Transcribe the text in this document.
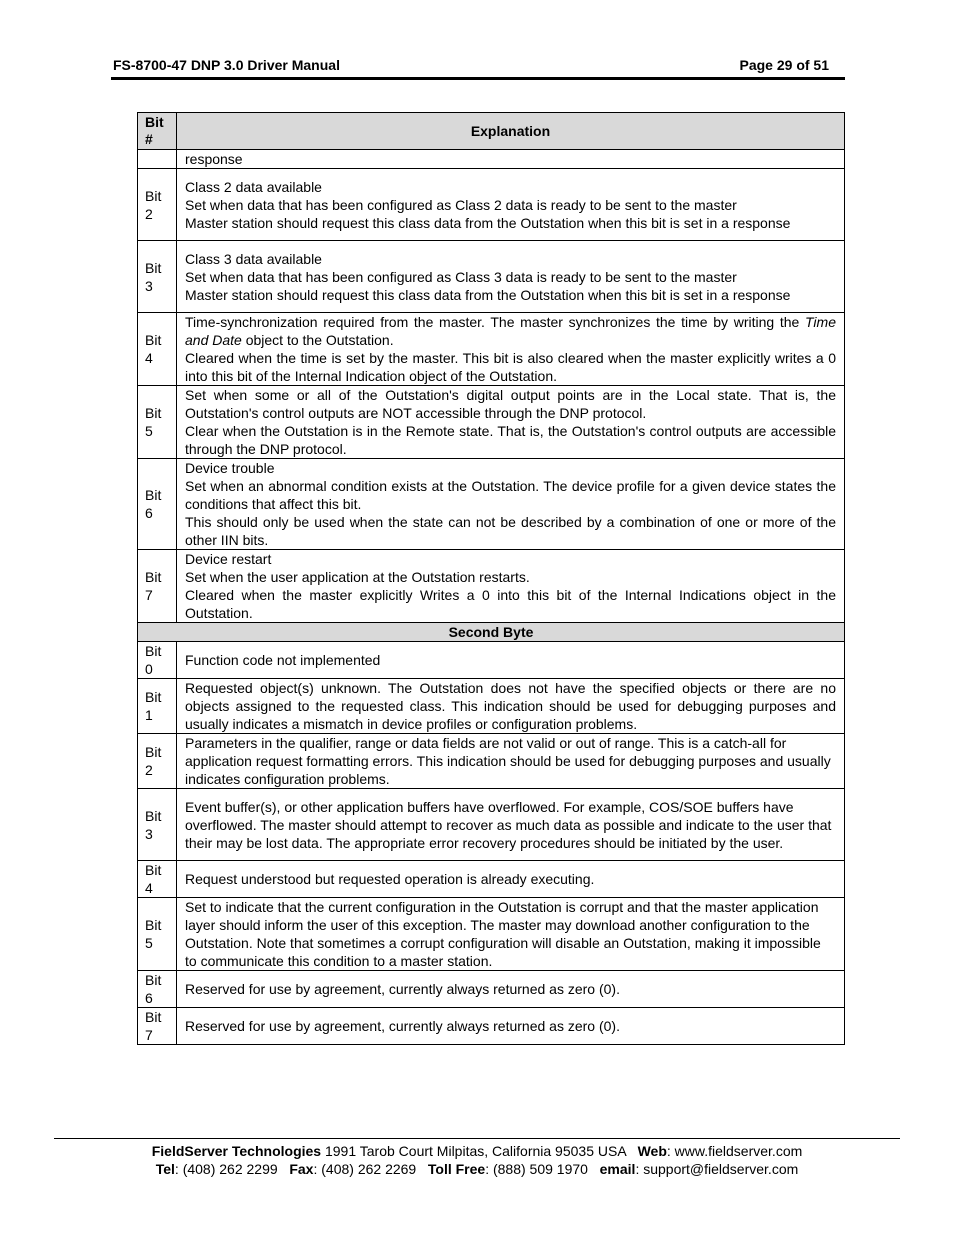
FS-8700-47 DNP 3.0 Driver Manual	Page 29 of 51
Bit #	Explanation
	response
Bit 2	Class 2 data available
Set when data that has been configured as Class 2 data is ready to be sent to the master
Master station should request this class data from the Outstation when this bit is set in a response

Bit 3	Class 3 data available
Set when data that has been configured as Class 3 data is ready to be sent to the master
Master station should request this class data from the Outstation when this bit is set in a response

Bit 4	Time-synchronization required from the master. The master synchronizes the time by writing the Time and Date object to the Outstation.
Cleared when the time is set by the master. This bit is also cleared when the master explicitly writes a 0 into this bit of the Internal Indication object of the Outstation.

Bit 5	Set when some or all of the Outstation's digital output points are in the Local state. That is, the Outstation's control outputs are NOT accessible through the DNP protocol.
Clear when the Outstation is in the Remote state. That is, the Outstation's control outputs are accessible through the DNP protocol.

Bit 6	Device trouble
Set when an abnormal condition exists at the Outstation. The device profile for a given device states the conditions that affect this bit.
This should only be used when the state can not be described by a combination of one or more of the other IIN bits.

Bit 7	Device restart
Set when the user application at the Outstation restarts.
Cleared when the master explicitly Writes a 0 into this bit of the Internal Indications object in the Outstation.

Second Byte	
Bit 0	Function code not implemented
Bit 1	Requested object(s) unknown. The Outstation does not have the specified objects or there are no objects assigned to the requested class. This indication should be used for debugging purposes and usually indicates a mismatch in device profiles or configuration problems.
Bit 2	Parameters in the qualifier, range or data fields are not valid or out of range. This is a catch-all for application request formatting errors. This indication should be used for debugging purposes and usually indicates configuration problems.
Bit 3	Event buffer(s), or other application buffers have overflowed. For example, COS/SOE buffers have overflowed. The master should attempt to recover as much data as possible and indicate to the user that their may be lost data. The appropriate error recovery procedures should be initiated by the user.
Bit 4	Request understood but requested operation is already executing.
Bit 5	Set to indicate that the current configuration in the Outstation is corrupt and that the master application layer should inform the user of this exception. The master may download another configuration to the Outstation. Note that sometimes a corrupt configuration will disable an Outstation, making it impossible to communicate this condition to a master station.
Bit 6	Reserved for use by agreement, currently always returned as zero (0).
Bit 7	Reserved for use by agreement, currently always returned as zero (0).
FieldServer Technologies 1991 Tarob Court Milpitas, California 95035 USA   Web: www.fieldserver.com
Tel: (408) 262 2299   Fax: (408) 262 2269   Toll Free: (888) 509 1970   email: support@fieldserver.com
